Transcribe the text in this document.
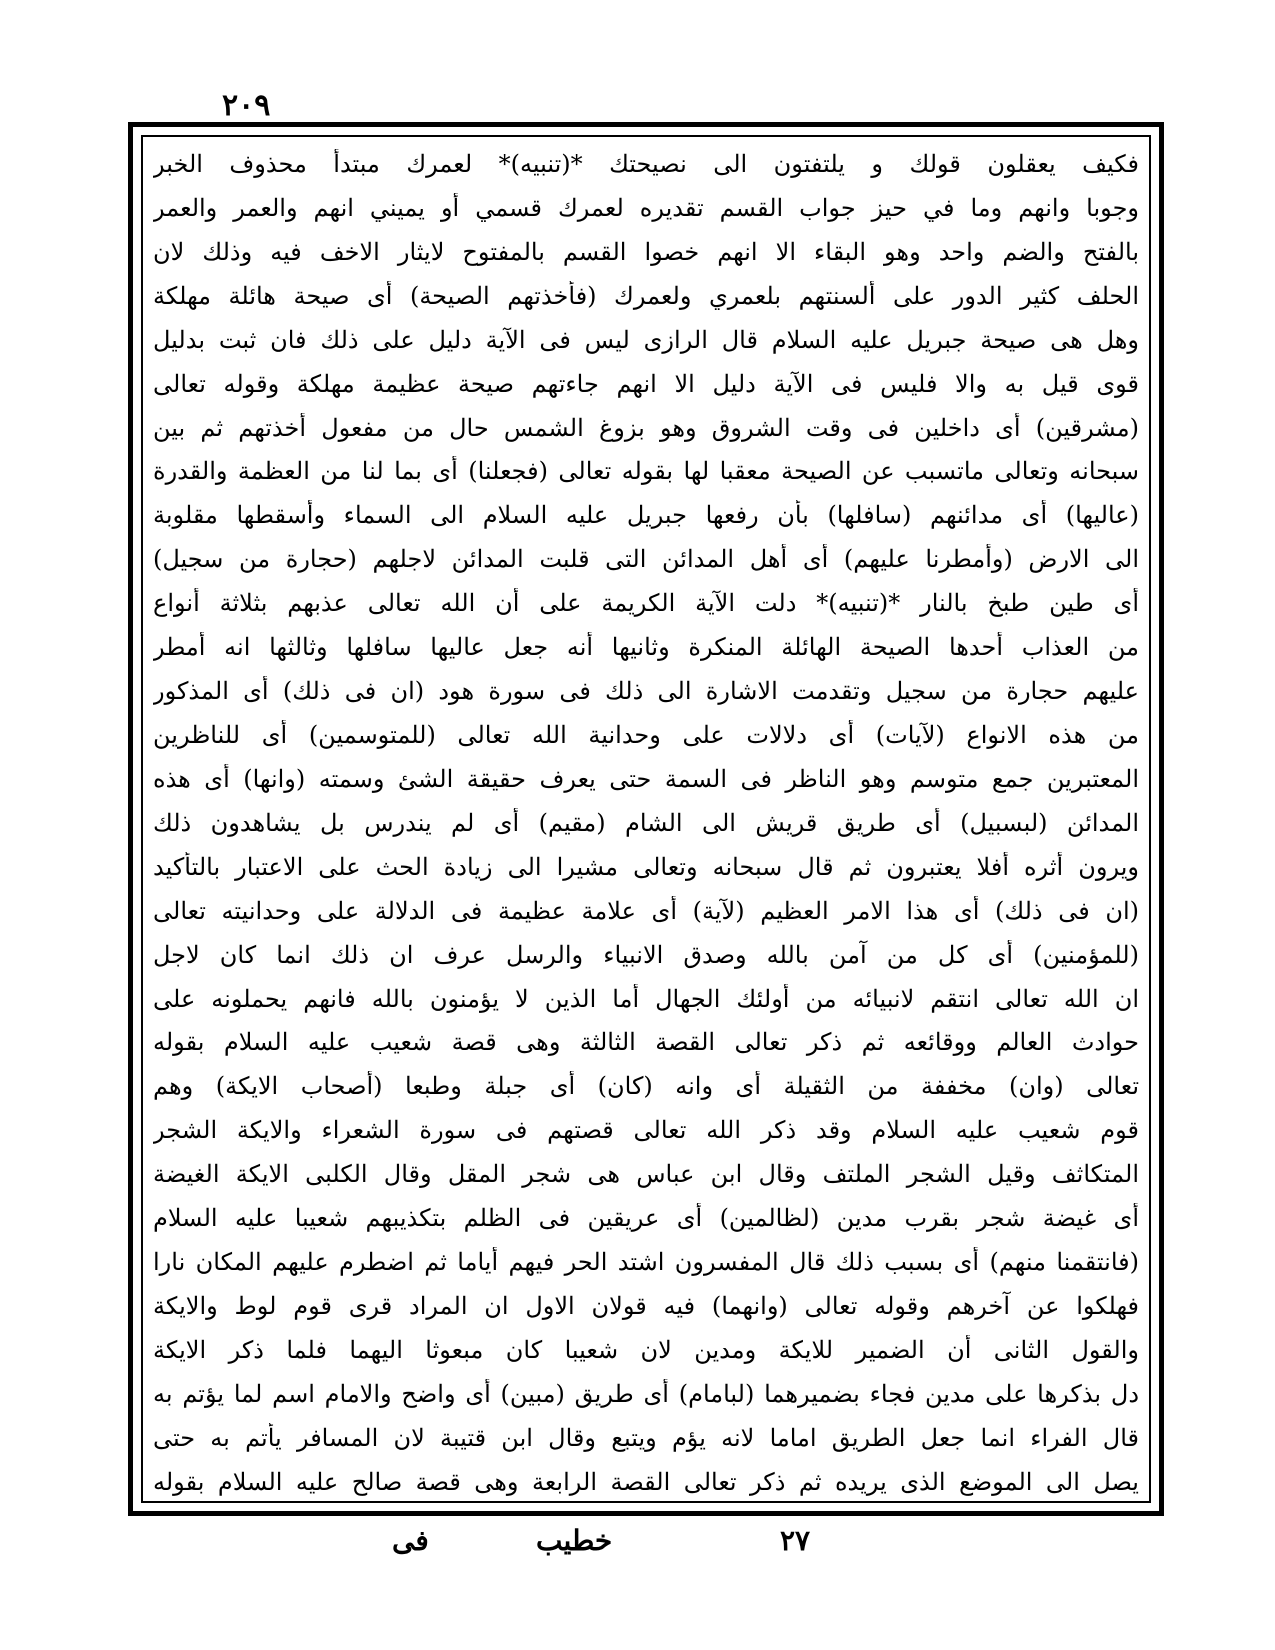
٢٠٩
فكيف يعقلون قولك و يلتفتون الى نصيحتك *(تنبيه)* لعمرك مبتدأ محذوف الخبر
وجوبا وانهم وما في حيز جواب القسم تقديره لعمرك قسمي أو يميني انهم والعمر والعمر
بالفتح والضم واحد وهو البقاء الا انهم خصوا القسم بالمفتوح لايثار الاخف فيه وذلك لان
الحلف كثير الدور على ألسنتهم بلعمري ولعمرك (فأخذتهم الصيحة) أى صيحة هائلة مهلكة
وهل هى صيحة جبريل عليه السلام قال الرازى ليس فى الآية دليل على ذلك فان ثبت بدليل
قوى قيل به والا فليس فى الآية دليل الا انهم جاءتهم صيحة عظيمة مهلكة وقوله تعالى
(مشرقين) أى داخلين فى وقت الشروق وهو بزوغ الشمس حال من مفعول أخذتهم ثم بين
سبحانه وتعالى ماتسبب عن الصيحة معقبا لها بقوله تعالى (فجعلنا) أى بما لنا من العظمة والقدرة
(عاليها) أى مدائنهم (سافلها) بأن رفعها جبريل عليه السلام الى السماء وأسقطها مقلوبة
الى الارض (وأمطرنا عليهم) أى أهل المدائن التى قلبت المدائن لاجلهم (حجارة من سجيل)
أى طين طبخ بالنار *(تنبيه)* دلت الآية الكريمة على أن الله تعالى عذبهم بثلاثة أنواع
من العذاب أحدها الصيحة الهائلة المنكرة وثانيها أنه جعل عاليها سافلها وثالثها انه أمطر
عليهم حجارة من سجيل وتقدمت الاشارة الى ذلك فى سورة هود (ان فى ذلك) أى المذكور
من هذه الانواع (لآيات) أى دلالات على وحدانية الله تعالى (للمتوسمين) أى للناظرين
المعتبرين جمع متوسم وهو الناظر فى السمة حتى يعرف حقيقة الشئ وسمته (وانها) أى هذه
المدائن (لبسبيل) أى طريق قريش الى الشام (مقيم) أى لم يندرس بل يشاهدون ذلك
ويرون أثره أفلا يعتبرون ثم قال سبحانه وتعالى مشيرا الى زيادة الحث على الاعتبار بالتأكيد
(ان فى ذلك) أى هذا الامر العظيم (لآية) أى علامة عظيمة فى الدلالة على وحدانيته تعالى
(للمؤمنين) أى كل من آمن بالله وصدق الانبياء والرسل عرف ان ذلك انما كان لاجل
ان الله تعالى انتقم لانبيائه من أولئك الجهال أما الذين لا يؤمنون بالله فانهم يحملونه على
حوادث العالم ووقائعه ثم ذكر تعالى القصة الثالثة وهى قصة شعيب عليه السلام بقوله
تعالى (وان) مخففة من الثقيلة أى وانه (كان) أى جبلة وطبعا (أصحاب الايكة) وهم
قوم شعيب عليه السلام وقد ذكر الله تعالى قصتهم فى سورة الشعراء والايكة الشجر
المتكاثف وقيل الشجر الملتف وقال ابن عباس هى شجر المقل وقال الكلبى الايكة الغيضة
أى غيضة شجر بقرب مدين (لظالمين) أى عريقين فى الظلم بتكذيبهم شعيبا عليه السلام
(فانتقمنا منهم) أى بسبب ذلك قال المفسرون اشتد الحر فيهم أياما ثم اضطرم عليهم المكان نارا
فهلكوا عن آخرهم وقوله تعالى (وانهما) فيه قولان الاول ان المراد قرى قوم لوط والايكة
والقول الثانى أن الضمير للايكة ومدين لان شعيبا كان مبعوثا اليهما فلما ذكر الايكة
دل بذكرها على مدين فجاء بضميرهما (لبامام) أى طريق (مبين) أى واضح والامام اسم لما يؤتم به
قال الفراء انما جعل الطريق اماما لانه يؤم ويتبع وقال ابن قتيبة لان المسافر يأتم به حتى
يصل الى الموضع الذى يريده ثم ذكر تعالى القصة الرابعة وهى قصة صالح عليه السلام بقوله
٢٧
خطيب
فى
